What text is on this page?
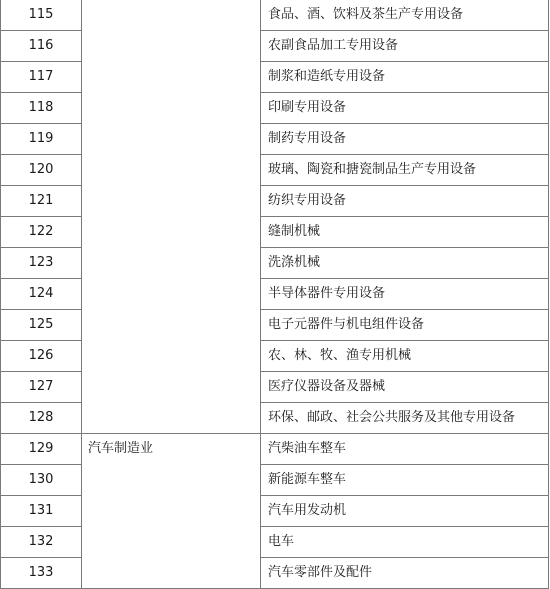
115		食品、酒、饮料及茶生产专用设备
116		农副食品加工专用设备
117		制浆和造纸专用设备
118		印刷专用设备
119		制药专用设备
120		玻璃、陶瓷和搪瓷制品生产专用设备
121		纺织专用设备
122		缝制机械
123		洗涤机械
124		半导体器件专用设备
125		电子元器件与机电组件设备
126		农、林、牧、渔专用机械
127		医疗仪器设备及器械
128		环保、邮政、社会公共服务及其他专用设备
129	汽车制造业	汽柴油车整车
130		新能源车整车
131		汽车用发动机
132		电车
133		汽车零部件及配件
